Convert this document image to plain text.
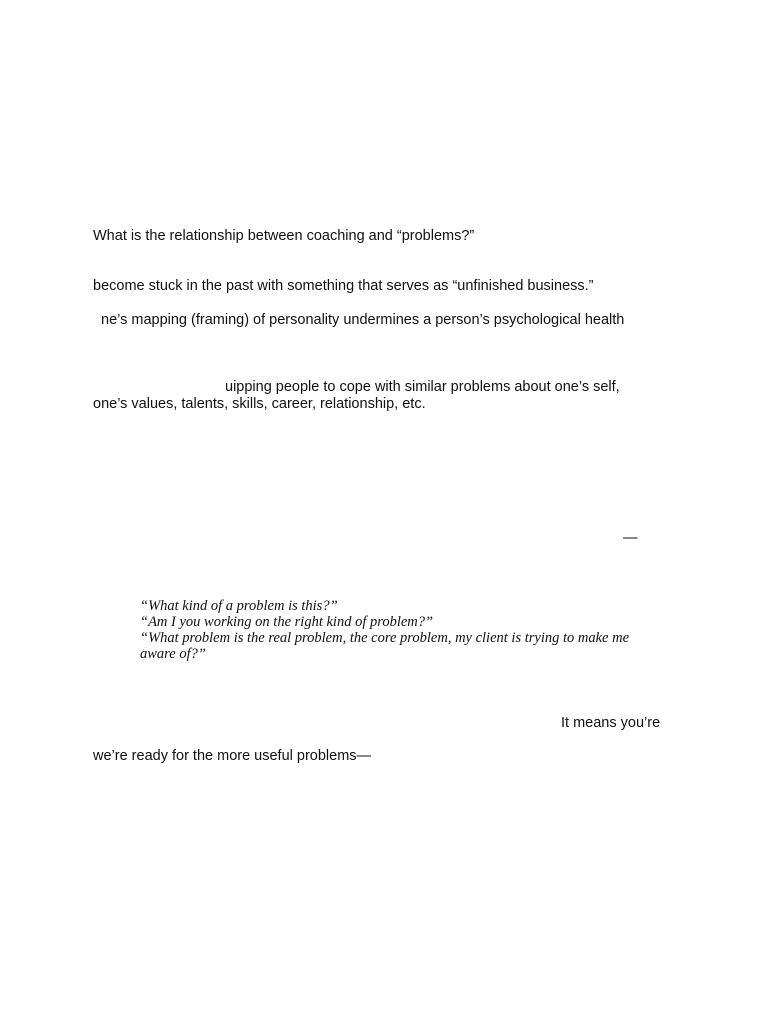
What is the relationship between coaching and “problems?”
become stuck in the past with something that serves as “unfinished business.”
ne’s mapping (framing) of personality undermines a person’s psychological health
uipping people to cope with similar problems about one’s self,
one’s values, talents, skills, career, relationship, etc.
—
“What kind of a problem is this?”
“Am I you working on the right kind of problem?”
“What problem is the real problem, the core problem, my client is trying to make me
aware of?”
It means you’re
we’re ready for the more useful problems—
